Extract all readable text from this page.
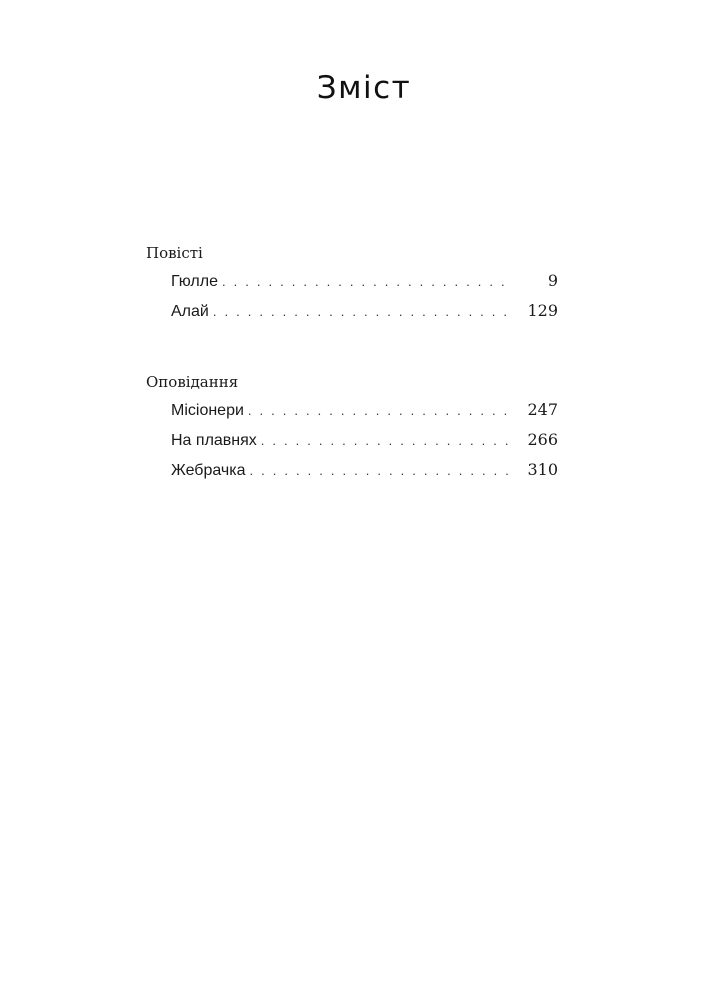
Зміст
Повісті
Гюлле . . .	9
Алай . . .	129
Оповідання
Місіонери . . .	247
На плавнях . . .	266
Жебрачка . . .	310
